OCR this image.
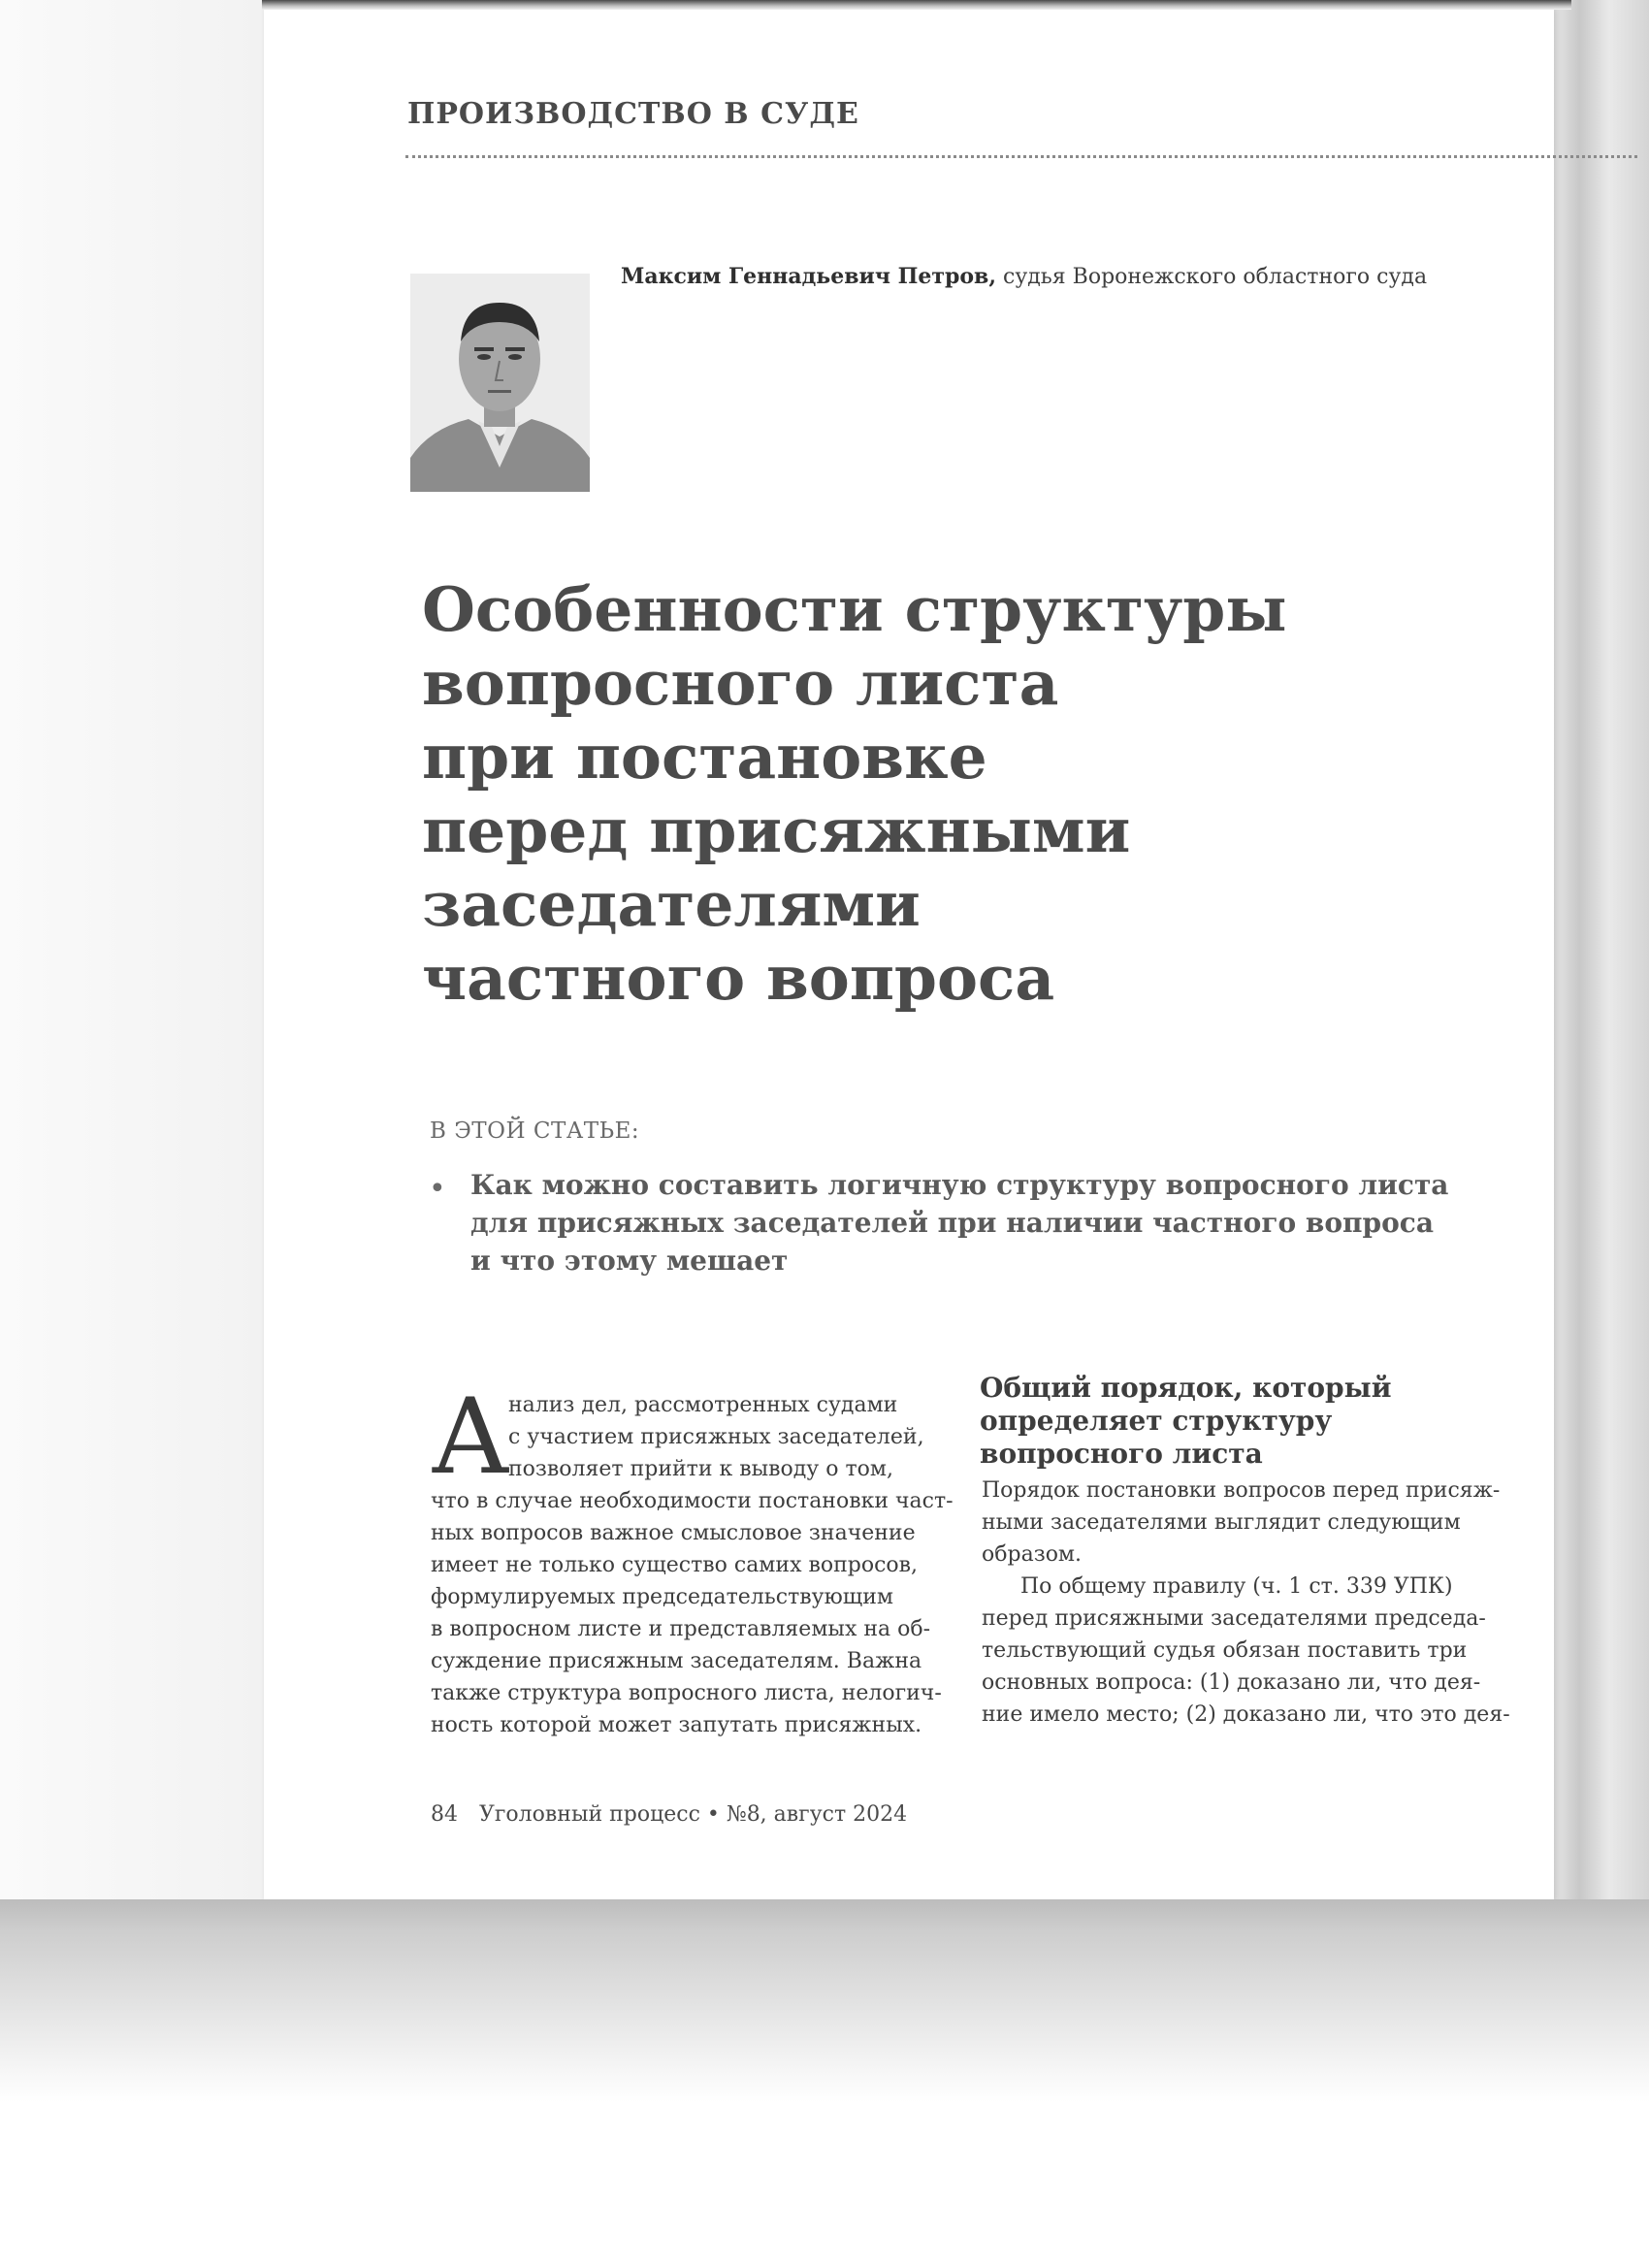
ПРОИЗВОДСТВО В СУДЕ
Максим Геннадьевич Петров, судья Воронежского областного суда
Особенности структуры
вопросного листа
при постановке
перед присяжными
заседателями
частного вопроса
В ЭТОЙ СТАТЬЕ:
• Как можно составить логичную структуру вопросного листа
для присяжных заседателей при наличии частного вопроса
и что этому мешает
А
нализ дел, рассмотренных судами
с участием присяжных заседателей,
позволяет прийти к выводу о том,
что в случае необходимости постановки част-
ных вопросов важное смысловое значение
имеет не только существо самих вопросов,
формулируемых председательствующим
в вопросном листе и представляемых на об-
суждение присяжным заседателям. Важна
также структура вопросного листа, нелогич-
ность которой может запутать присяжных.
Общий порядок, который
определяет структуру
вопросного листа
Порядок постановки вопросов перед присяж-
ными заседателями выглядит следующим
образом.
По общему правилу (ч. 1 ст. 339 УПК)
перед присяжными заседателями председа-
тельствующий судья обязан поставить три
основных вопроса: (1) доказано ли, что дея-
ние имело место; (2) доказано ли, что это дея-
84 Уголовный процесс • №8, август 2024
